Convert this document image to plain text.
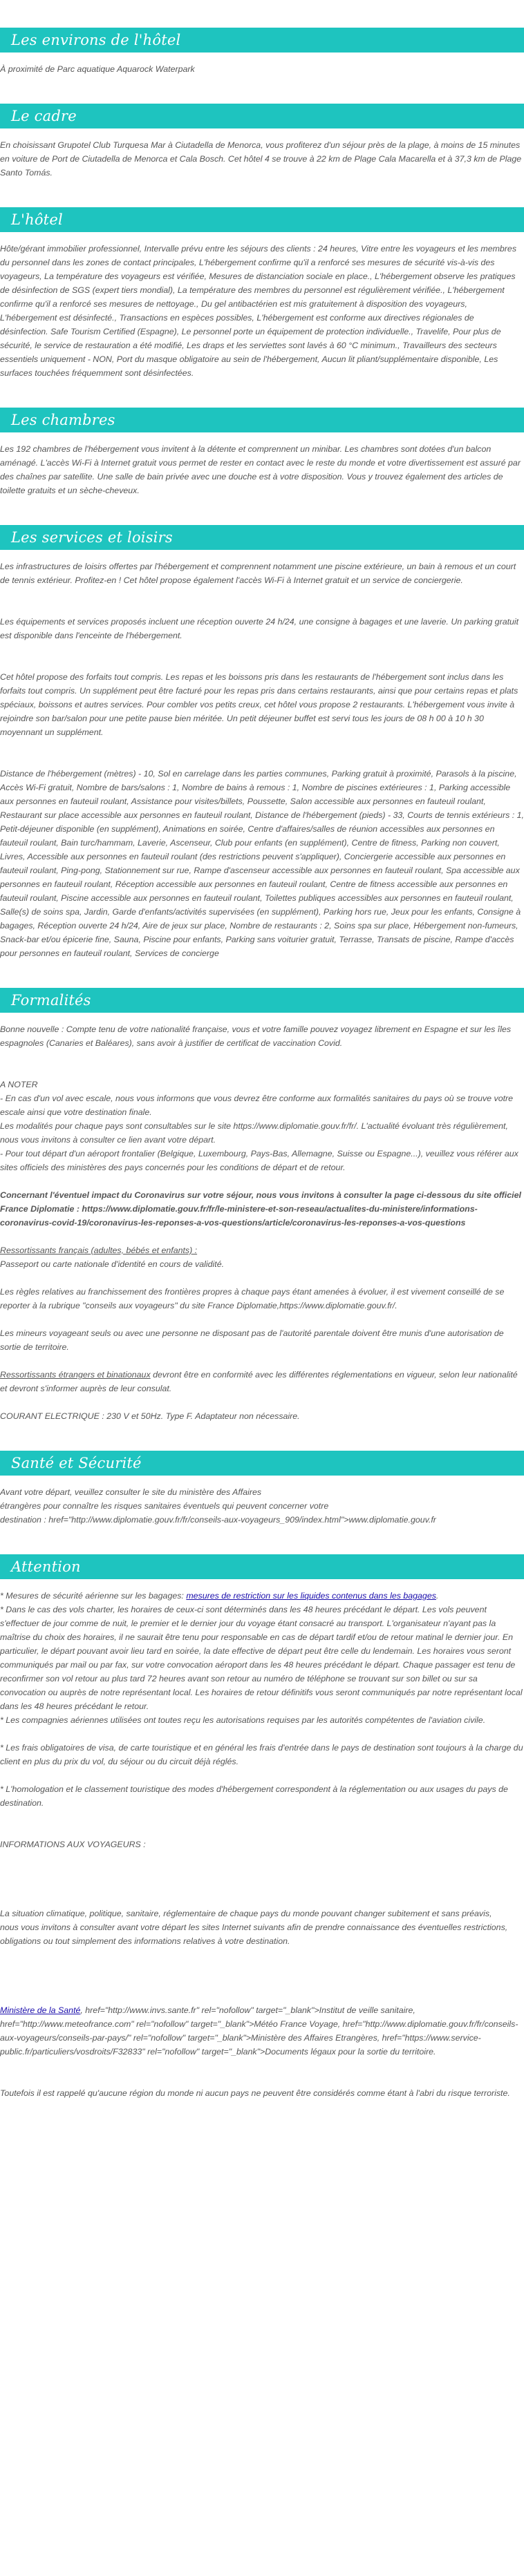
Les environs de l'hôtel

À proximité de Parc aquatique Aquarock Waterpark

Le cadre

En choisissant Grupotel Club Turquesa Mar à Ciutadella de Menorca, vous profiterez d'un séjour près de la plage, à moins de 15 minutes en voiture de Port de Ciutadella de Menorca et Cala Bosch. Cet hôtel 4 se trouve à 22 km de Plage Cala Macarella et à 37,3 km de Plage Santo Tomás.

L'hôtel

Hôte/gérant immobilier professionnel, Intervalle prévu entre les séjours des clients : 24 heures, Vitre entre les voyageurs et les membres du personnel dans les zones de contact principales, L'hébergement confirme qu'il a renforcé ses mesures de sécurité vis-à-vis des voyageurs, La température des voyageurs est vérifiée, Mesures de distanciation sociale en place., L'hébergement observe les pratiques de désinfection de SGS (expert tiers mondial), La température des membres du personnel est régulièrement vérifiée., L'hébergement confirme qu'il a renforcé ses mesures de nettoyage., Du gel antibactérien est mis gratuitement à disposition des voyageurs, L'hébergement est désinfecté., Transactions en espèces possibles, L'hébergement est conforme aux directives régionales de désinfection. Safe Tourism Certified (Espagne), Le personnel porte un équipement de protection individuelle., Travelife, Pour plus de sécurité, le service de restauration a été modifié, Les draps et les serviettes sont lavés à 60 °C minimum., Travailleurs des secteurs essentiels uniquement - NON, Port du masque obligatoire au sein de l'hébergement, Aucun lit pliant/supplémentaire disponible, Les surfaces touchées fréquemment sont désinfectées.

Les chambres

Les 192 chambres de l'hébergement vous invitent à la détente et comprennent un minibar. Les chambres sont dotées d'un balcon aménagé. L'accès Wi-Fi à Internet gratuit vous permet de rester en contact avec le reste du monde et votre divertissement est assuré par des chaînes par satellite. Une salle de bain privée avec une douche est à votre disposition. Vous y trouvez également des articles de toilette gratuits et un sèche-cheveux.

Les services et loisirs

Les infrastructures de loisirs offertes par l'hébergement et comprennent notamment une piscine extérieure, un bain à remous et un court de tennis extérieur. Profitez-en ! Cet hôtel propose également l'accès Wi-Fi à Internet gratuit et un service de conciergerie.

Les équipements et services proposés incluent une réception ouverte 24 h/24, une consigne à bagages et une laverie. Un parking gratuit est disponible dans l'enceinte de l'hébergement.

Cet hôtel propose des forfaits tout compris. Les repas et les boissons pris dans les restaurants de l'hébergement sont inclus dans les forfaits tout compris. Un supplément peut être facturé pour les repas pris dans certains restaurants, ainsi que pour certains repas et plats spéciaux, boissons et autres services. Pour combler vos petits creux, cet hôtel vous propose 2 restaurants. L'hébergement vous invite à rejoindre son bar/salon pour une petite pause bien méritée. Un petit déjeuner buffet est servi tous les jours de 08 h 00 à 10 h 30 moyennant un supplément.

Distance de l'hébergement (mètres) - 10, Sol en carrelage dans les parties communes, Parking gratuit à proximité, Parasols à la piscine, Accès Wi-Fi gratuit, Nombre de bars/salons : 1, Nombre de bains à remous : 1, Nombre de piscines extérieures : 1, Parking accessible aux personnes en fauteuil roulant, Assistance pour visites/billets, Poussette, Salon accessible aux personnes en fauteuil roulant, Restaurant sur place accessible aux personnes en fauteuil roulant, Distance de l'hébergement (pieds) - 33, Courts de tennis extérieurs : 1, Petit-déjeuner disponible (en supplément), Animations en soirée, Centre d'affaires/salles de réunion accessibles aux personnes en fauteuil roulant, Bain turc/hammam, Laverie, Ascenseur, Club pour enfants (en supplément), Centre de fitness, Parking non couvert, Livres, Accessible aux personnes en fauteuil roulant (des restrictions peuvent s'appliquer), Conciergerie accessible aux personnes en fauteuil roulant, Ping-pong, Stationnement sur rue, Rampe d'ascenseur accessible aux personnes en fauteuil roulant, Spa accessible aux personnes en fauteuil roulant, Réception accessible aux personnes en fauteuil roulant, Centre de fitness accessible aux personnes en fauteuil roulant, Piscine accessible aux personnes en fauteuil roulant, Toilettes publiques accessibles aux personnes en fauteuil roulant, Salle(s) de soins spa, Jardin, Garde d'enfants/activités supervisées (en supplément), Parking hors rue, Jeux pour les enfants, Consigne à bagages, Réception ouverte 24 h/24, Aire de jeux sur place, Nombre de restaurants : 2, Soins spa sur place, Hébergement non-fumeurs, Snack-bar et/ou épicerie fine, Sauna, Piscine pour enfants, Parking sans voiturier gratuit, Terrasse, Transats de piscine, Rampe d'accès pour personnes en fauteuil roulant, Services de concierge

Formalités

Bonne nouvelle : Compte tenu de votre nationalité française, vous et votre famille pouvez voyagez librement en Espagne et sur les îles espagnoles (Canaries et Baléares), sans avoir à justifier de certificat de vaccination Covid.

A NOTER

- En cas d'un vol avec escale, nous vous informons que vous devrez être conforme aux formalités sanitaires du pays où se trouve votre escale ainsi que votre destination finale.

Les modalités pour chaque pays sont consultables sur le site https://www.diplomatie.gouv.fr/fr/. L'actualité évoluant très régulièrement, nous vous invitons à consulter ce lien avant votre départ.

- Pour tout départ d'un aéroport frontalier (Belgique, Luxembourg, Pays-Bas, Allemagne, Suisse ou Espagne...), veuillez vous référer aux sites officiels des ministères des pays concernés pour les conditions de départ et de retour.

Concernant l'éventuel impact du Coronavirus sur votre séjour, nous vous invitons à consulter la page ci-dessous du site officiel France Diplomatie : https://www.diplomatie.gouv.fr/fr/le-ministere-et-son-reseau/actualites-du-ministere/informations-coronavirus-covid-19/coronavirus-les-reponses-a-vos-questions/article/coronavirus-les-reponses-a-vos-questions

Ressortissants français (adultes, bébés et enfants) :

Passeport ou carte nationale d'identité en cours de validité.

Les règles relatives au franchissement des frontières propres à chaque pays étant amenées à évoluer, il est vivement conseillé de se reporter à la rubrique "conseils aux voyageurs" du site France Diplomatie,https://www.diplomatie.gouv.fr/.

Les mineurs voyageant seuls ou avec une personne ne disposant pas de l'autorité parentale doivent être munis d'une autorisation de sortie de territoire.

Ressortissants étrangers et binationaux devront être en conformité avec les différentes réglementations en vigueur, selon leur nationalité et devront s'informer auprès de leur consulat.

COURANT ELECTRIQUE : 230 V et 50Hz. Type F. Adaptateur non nécessaire.

Santé et Sécurité

Avant votre départ, veuillez consulter le site du ministère des Affaires

étrangères pour connaître les risques sanitaires éventuels qui peuvent concerner votre

destination : href="http://www.diplomatie.gouv.fr/fr/conseils-aux-voyageurs_909/index.html">www.diplomatie.gouv.fr

Attention

* Mesures de sécurité aérienne sur les bagages: mesures de restriction sur les liquides contenus dans les bagages.

* Dans le cas des vols charter, les horaires de ceux-ci sont déterminés dans les 48 heures précédant le départ. Les vols peuvent s'effectuer de jour comme de nuit, le premier et le dernier jour du voyage étant consacré au transport. L'organisateur n'ayant pas la maîtrise du choix des horaires, il ne saurait être tenu pour responsable en cas de départ tardif et/ou de retour matinal le dernier jour. En particulier, le départ pouvant avoir lieu tard en soirée, la date effective de départ peut être celle du lendemain. Les horaires vous seront communiqués par mail ou par fax, sur votre convocation aéroport dans les 48 heures précédant le départ. Chaque passager est tenu de reconfirmer son vol retour au plus tard 72 heures avant son retour au numéro de téléphone se trouvant sur son billet ou sur sa convocation ou auprès de notre représentant local. Les horaires de retour définitifs vous seront communiqués par notre représentant local dans les 48 heures précédant le retour.

* Les compagnies aériennes utilisées ont toutes reçu les autorisations requises par les autorités compétentes de l'aviation civile.

* Les frais obligatoires de visa, de carte touristique et en général les frais d'entrée dans le pays de destination sont toujours à la charge du client en plus du prix du vol, du séjour ou du circuit déjà réglés.

* L'homologation et le classement touristique des modes d'hébergement correspondent à la réglementation ou aux usages du pays de destination.

INFORMATIONS AUX VOYAGEURS :

La situation climatique, politique, sanitaire, réglementaire de chaque pays du monde pouvant changer subitement et sans préavis,

nous vous invitons à consulter avant votre départ les sites Internet suivants afin de prendre connaissance des éventuelles restrictions, obligations ou tout simplement des informations relatives à votre destination.

Ministère de la Santé, href="http://www.invs.sante.fr" rel="nofollow" target="_blank">Institut de veille sanitaire, href="http://www.meteofrance.com" rel="nofollow" target="_blank">Météo France Voyage, href="http://www.diplomatie.gouv.fr/fr/conseils-aux-voyageurs/conseils-par-pays/" rel="nofollow" target="_blank">Ministère des Affaires Etrangères, href="https://www.service-public.fr/particuliers/vosdroits/F32833" rel="nofollow" target="_blank">Documents légaux pour la sortie du territoire.

Toutefois il est rappelé qu'aucune région du monde ni aucun pays ne peuvent être considérés comme étant à l'abri du risque terroriste.
